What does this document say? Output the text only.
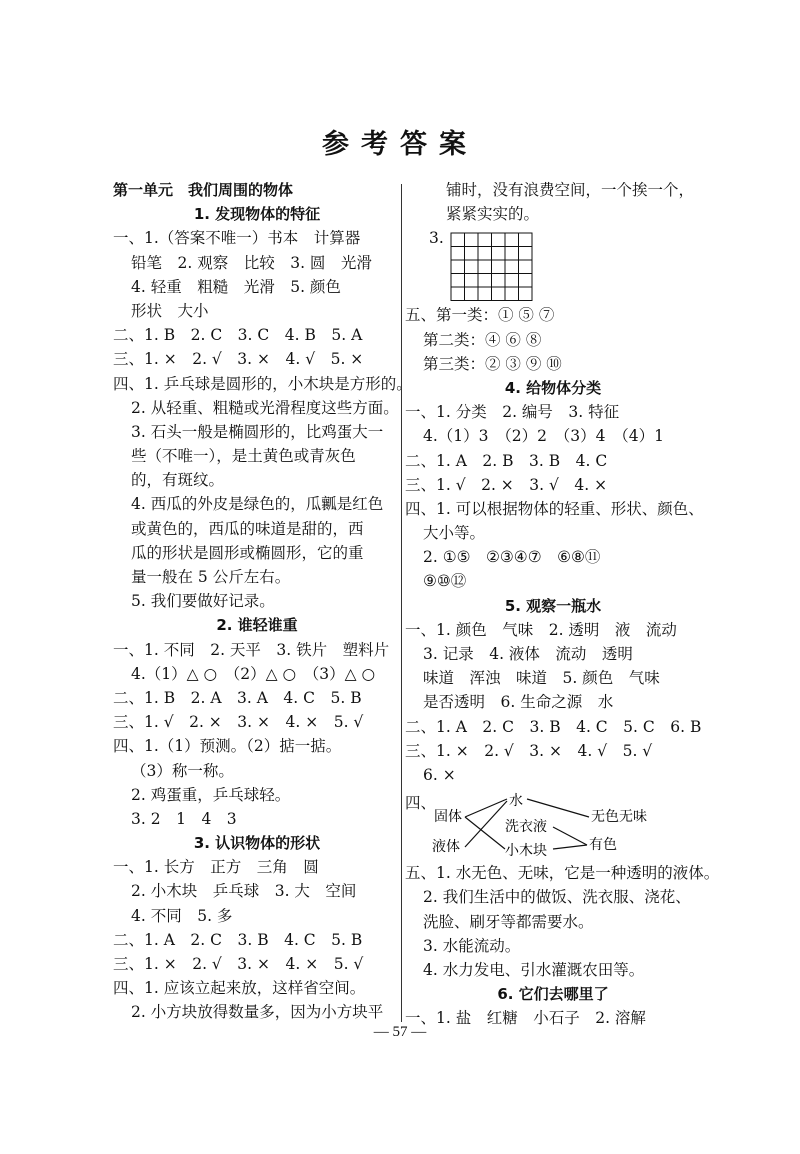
参考答案
第一单元　我们周围的物体
1. 发现物体的特征
一、1.（答案不唯一）书本　计算器
铅笔　2. 观察　比较　3. 圆　光滑
4. 轻重　粗糙　光滑　5. 颜色
形状　大小
二、1. B　2. C　3. C　4. B　5. A
三、1. ×　2. √　3. ×　4. √　5. ×
四、1. 乒乓球是圆形的，小木块是方形的。
2. 从轻重、粗糙或光滑程度这些方面。
3. 石头一般是椭圆形的，比鸡蛋大一
些（不唯一），是土黄色或青灰色
的，有斑纹。
4. 西瓜的外皮是绿色的，瓜瓤是红色
或黄色的，西瓜的味道是甜的，西
瓜的形状是圆形或椭圆形，它的重
量一般在 5 公斤左右。
5. 我们要做好记录。
2. 谁轻谁重
一、1. 不同　2. 天平　3. 铁片　塑料片
4.（1）△ ○　（2）△ ○　（3）△ ○
二、1. B　2. A　3. A　4. C　5. B
三、1. √　2. ×　3. ×　4. ×　5. √
四、1.（1）预测。（2）掂一掂。
（3）称一称。
2. 鸡蛋重，乒乓球轻。
3. 2　1　4　3
3. 认识物体的形状
一、1. 长方　正方　三角　圆
2. 小木块　乒乓球　3. 大　空间
4. 不同　5. 多
二、1. A　2. C　3. B　4. C　5. B
三、1. ×　2. √　3. ×　4. ×　5. √
四、1. 应该立起来放，这样省空间。
2. 小方块放得数量多，因为小方块平
铺时，没有浪费空间，一个挨一个，
紧紧实实的。
3.
五、第一类：① ⑤ ⑦
第二类：④ ⑥ ⑧
第三类：② ③ ⑨ ⑩
4. 给物体分类
一、1. 分类　2. 编号　3. 特征
4.（1）3　（2）2　（3）4　（4）1
二、1. A　2. B　3. B　4. C
三、1. √　2. ×　3. √　4. ×
四、1. 可以根据物体的轻重、形状、颜色、
大小等。
2. ①⑤　②③④⑦　⑥⑧⑪
⑨⑩⑫
5. 观察一瓶水
一、1. 颜色　气味　2. 透明　液　流动
3. 记录　4. 液体　流动　透明
味道　浑浊　味道　5. 颜色　气味
是否透明　6. 生命之源　水
二、1. A　2. C　3. B　4. C　5. C　6. B
三、1. ×　2. √　3. ×　4. √　5. √
6. ×
四、
固体
液体
水
洗衣液
小木块
无色无味
有色
五、1. 水无色、无味，它是一种透明的液体。
2. 我们生活中的做饭、洗衣服、浇花、
洗脸、刷牙等都需要水。
3. 水能流动。
4. 水力发电、引水灌溉农田等。
6. 它们去哪里了
一、1. 盐　红糖　小石子　2. 溶解
— 57 —
